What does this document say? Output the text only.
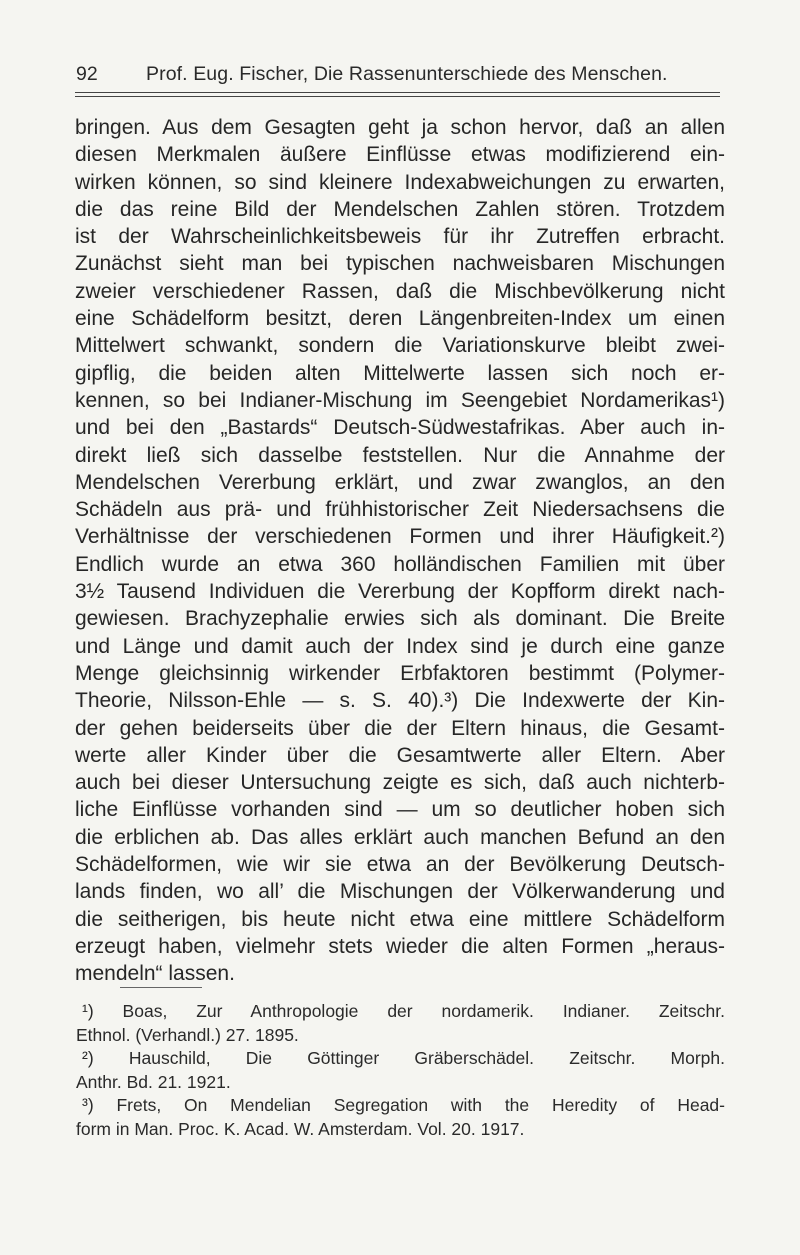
92 Prof. Eug. Fischer, Die Rassenunterschiede des Menschen.
bringen. Aus dem Gesagten geht ja schon hervor, daß an allen
diesen Merkmalen äußere Einflüsse etwas modifizierend ein-
wirken können, so sind kleinere Indexabweichungen zu erwarten,
die das reine Bild der Mendelschen Zahlen stören. Trotzdem
ist der Wahrscheinlichkeitsbeweis für ihr Zutreffen erbracht.
Zunächst sieht man bei typischen nachweisbaren Mischungen
zweier verschiedener Rassen, daß die Mischbevölkerung nicht
eine Schädelform besitzt, deren Längenbreiten-Index um einen
Mittelwert schwankt, sondern die Variationskurve bleibt zwei-
gipflig, die beiden alten Mittelwerte lassen sich noch er-
kennen, so bei Indianer-Mischung im Seengebiet Nordamerikas¹)
und bei den „Bastards“ Deutsch-Südwestafrikas. Aber auch in-
direkt ließ sich dasselbe feststellen. Nur die Annahme der
Mendelschen Vererbung erklärt, und zwar zwanglos, an den
Schädeln aus prä- und frühhistorischer Zeit Niedersachsens die
Verhältnisse der verschiedenen Formen und ihrer Häufigkeit.²)
Endlich wurde an etwa 360 holländischen Familien mit über
3½ Tausend Individuen die Vererbung der Kopfform direkt nach-
gewiesen. Brachyzephalie erwies sich als dominant. Die Breite
und Länge und damit auch der Index sind je durch eine ganze
Menge gleichsinnig wirkender Erbfaktoren bestimmt (Polymer-
Theorie, Nilsson-Ehle — s. S. 40).³) Die Indexwerte der Kin-
der gehen beiderseits über die der Eltern hinaus, die Gesamt-
werte aller Kinder über die Gesamtwerte aller Eltern. Aber
auch bei dieser Untersuchung zeigte es sich, daß auch nichterb-
liche Einflüsse vorhanden sind — um so deutlicher hoben sich
die erblichen ab. Das alles erklärt auch manchen Befund an den
Schädelformen, wie wir sie etwa an der Bevölkerung Deutsch-
lands finden, wo all’ die Mischungen der Völkerwanderung und
die seitherigen, bis heute nicht etwa eine mittlere Schädelform
erzeugt haben, vielmehr stets wieder die alten Formen „heraus-
mendeln“ lassen.
¹) Boas, Zur Anthropologie der nordamerik. Indianer. Zeitschr.
Ethnol. (Verhandl.) 27. 1895.
²) Hauschild, Die Göttinger Gräberschädel. Zeitschr. Morph.
Anthr. Bd. 21. 1921.
³) Frets, On Mendelian Segregation with the Heredity of Head-
form in Man. Proc. K. Acad. W. Amsterdam. Vol. 20. 1917.
